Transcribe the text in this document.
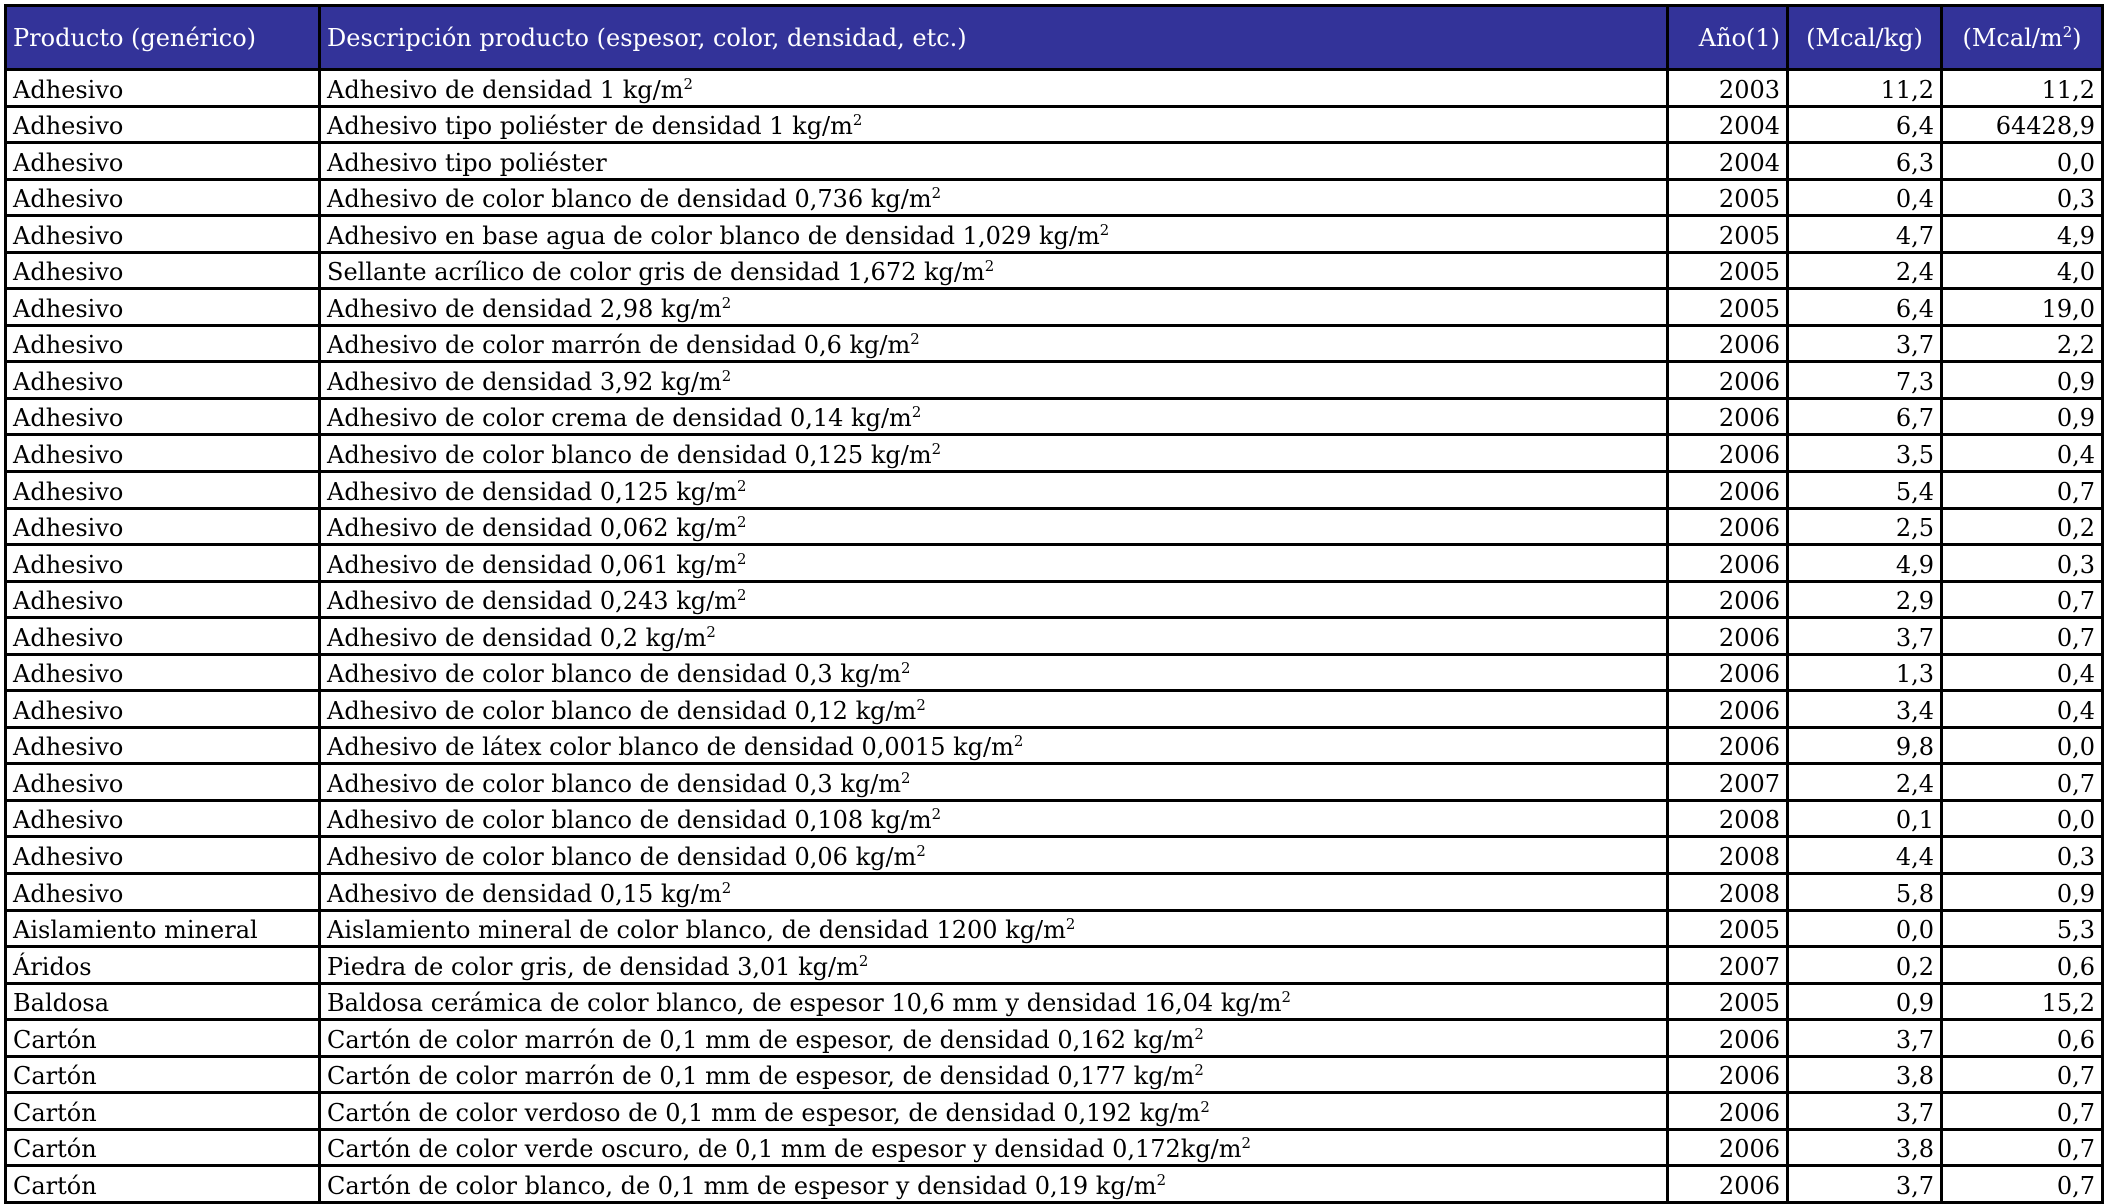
Producto (genérico)	Descripción producto (espesor, color, densidad, etc.)	Año(1)	(Mcal/kg)	$(Mcal/m^2)$
Adhesivo	Adhesivo de densidad 1 $kg/m^2$	2003	11,2	11,2
Adhesivo	Adhesivo tipo poliéster de densidad 1 $kg/m^2$	2004	6,4	64428,9
Adhesivo	Adhesivo tipo poliéster	2004	6,3	0,0
Adhesivo	Adhesivo de color blanco de densidad 0,736 $kg/m^2$	2005	0,4	0,3
Adhesivo	Adhesivo en base agua de color blanco de densidad 1,029 $kg/m^2$	2005	4,7	4,9
Adhesivo	Sellante acrílico de color gris de densidad 1,672 $kg/m^2$	2005	2,4	4,0
Adhesivo	Adhesivo de densidad 2,98 $kg/m^2$	2005	6,4	19,0
Adhesivo	Adhesivo de color marrón de densidad 0,6 $kg/m^2$	2006	3,7	2,2
Adhesivo	Adhesivo de densidad 3,92 $kg/m^2$	2006	7,3	0,9
Adhesivo	Adhesivo de color crema de densidad 0,14 $kg/m^2$	2006	6,7	0,9
Adhesivo	Adhesivo de color blanco de densidad 0,125 $kg/m^2$	2006	3,5	0,4
Adhesivo	Adhesivo de densidad 0,125 $kg/m^2$	2006	5,4	0,7
Adhesivo	Adhesivo de densidad 0,062 $kg/m^2$	2006	2,5	0,2
Adhesivo	Adhesivo de densidad 0,061 $kg/m^2$	2006	4,9	0,3
Adhesivo	Adhesivo de densidad 0,243 $kg/m^2$	2006	2,9	0,7
Adhesivo	Adhesivo de densidad 0,2 $kg/m^2$	2006	3,7	0,7
Adhesivo	Adhesivo de color blanco de densidad 0,3 $kg/m^2$	2006	1,3	0,4
Adhesivo	Adhesivo de color blanco de densidad 0,12 $kg/m^2$	2006	3,4	0,4
Adhesivo	Adhesivo de látex color blanco de densidad 0,0015 $kg/m^2$	2006	9,8	0,0
Adhesivo	Adhesivo de color blanco de densidad 0,3 $kg/m^2$	2007	2,4	0,7
Adhesivo	Adhesivo de color blanco de densidad 0,108 $kg/m^2$	2008	0,1	0,0
Adhesivo	Adhesivo de color blanco de densidad 0,06 $kg/m^2$	2008	4,4	0,3
Adhesivo	Adhesivo de densidad 0,15 $kg/m^2$	2008	5,8	0,9
Aislamiento mineral	Aislamiento mineral de color blanco, de densidad 1200 $kg/m^2$	2005	0,0	5,3
Áridos	Piedra de color gris, de densidad 3,01 $kg/m^2$	2007	0,2	0,6
Baldosa	Baldosa cerámica de color blanco, de espesor 10,6 mm y densidad 16,04 $kg/m^2$	2005	0,9	15,2
Cartón	Cartón de color marrón de 0,1 mm de espesor, de densidad 0,162 $kg/m^2$	2006	3,7	0,6
Cartón	Cartón de color marrón de 0,1 mm de espesor, de densidad 0,177 $kg/m^2$	2006	3,8	0,7
Cartón	Cartón de color verdoso de 0,1 mm de espesor, de densidad 0,192 $kg/m^2$	2006	3,7	0,7
Cartón	Cartón de color verde oscuro, de 0,1 mm de espesor y densidad $0,172kg/m^2$	2006	3,8	0,7
Cartón	Cartón de color blanco, de 0,1 mm de espesor y densidad 0,19 $kg/m^2$	2006	3,7	0,7
